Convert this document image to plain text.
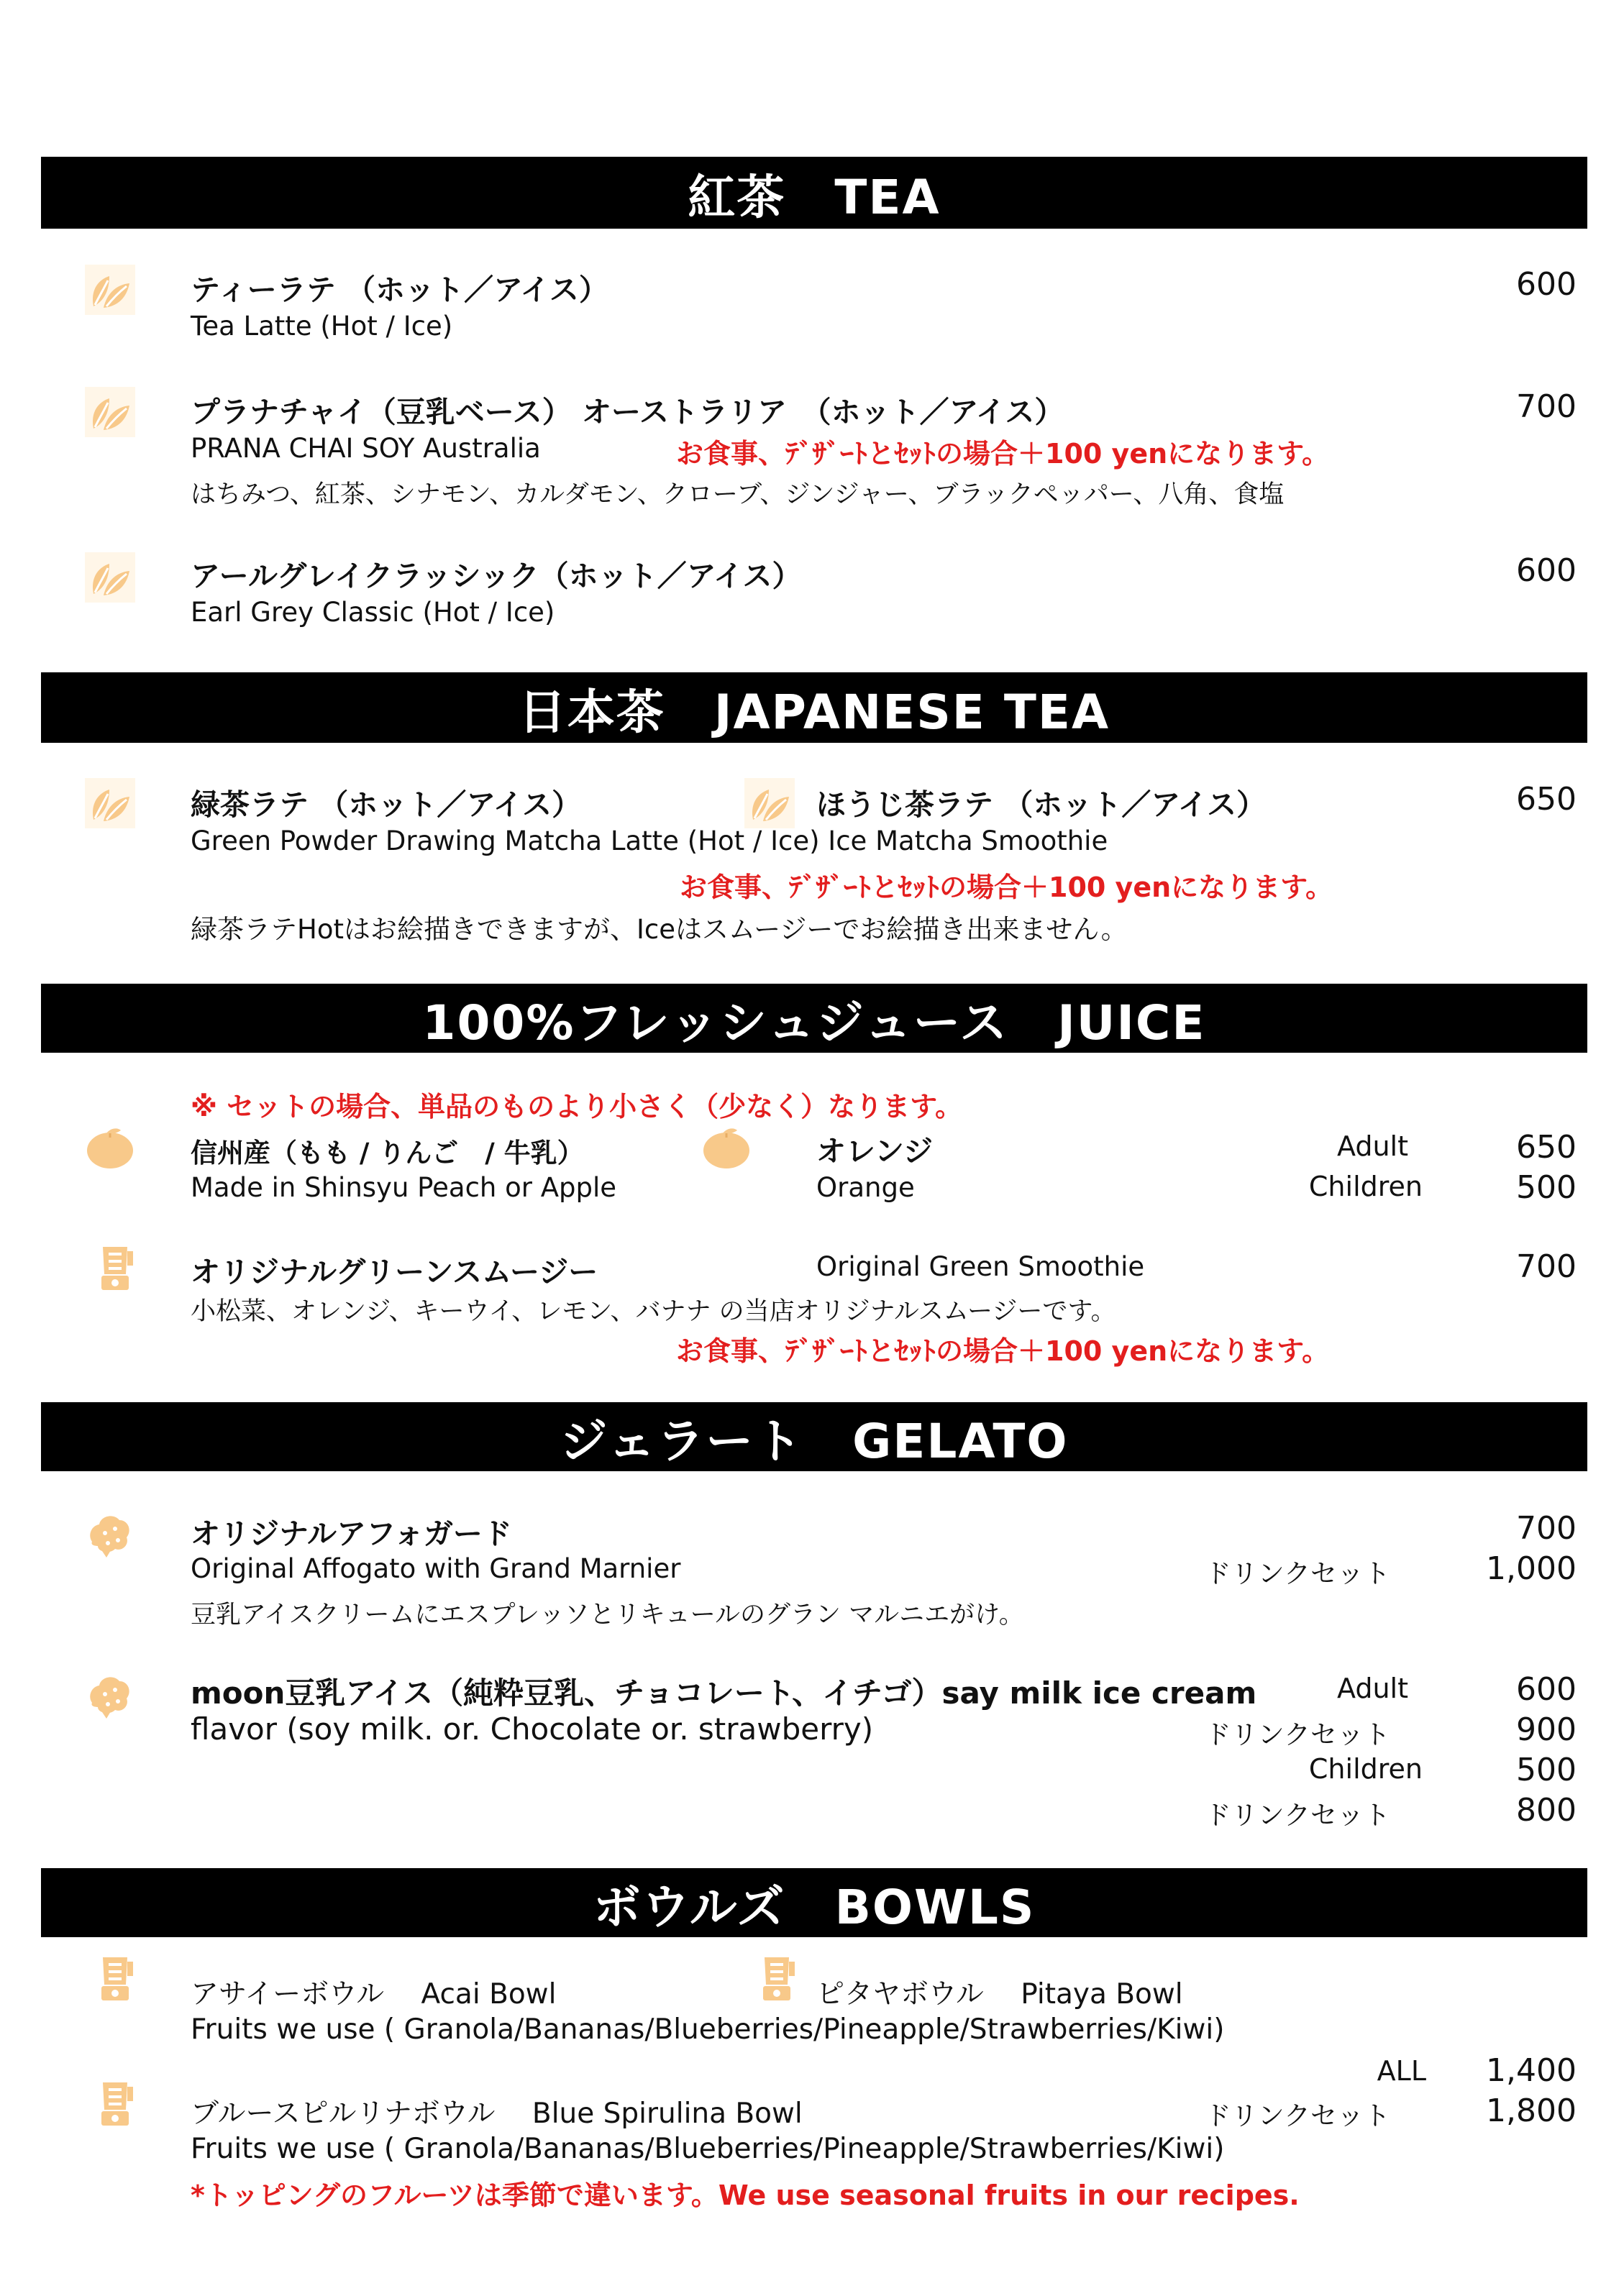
紅茶　TEA
ティーラテ （ホット／アイス）	600
Tea Latte (Hot / Ice)
プラナチャイ（豆乳ベース） オーストラリア　（ホット／アイス）	700
PRANA CHAI SOY Australia	お食事、ﾃﾞｻﾞｰﾄとｾｯﾄの場合＋100 yenになります。
はちみつ、紅茶、シナモン、カルダモン、クローブ、ジンジャー、ブラックペッパー、八角、食塩
アールグレイクラッシック（ホット／アイス）	600
Earl Grey Classic (Hot / Ice)
日本茶　JAPANESE TEA
緑茶ラテ （ホット／アイス）	ほうじ茶ラテ （ホット／アイス）	650
Green Powder Drawing Matcha Latte (Hot / Ice) Ice Matcha Smoothie
お食事、ﾃﾞｻﾞｰﾄとｾｯﾄの場合＋100 yenになります。
緑茶ラテHotはお絵描きできますが、Iceはスムージーでお絵描き出来ません。
100%フレッシュジュース　JUICE
※ セットの場合、単品のものより小さく（少なく）なります。
信州産（もも / りんご　/ 牛乳）
Made in Shinsyu Peach or Apple
オレンジ
Orange
Adult	650
Children	500
オリジナルグリーンスムージー	Original Green Smoothie	700
小松菜、オレンジ、キーウイ、レモン、バナナ の当店オリジナルスムージーです。
お食事、ﾃﾞｻﾞｰﾄとｾｯﾄの場合＋100 yenになります。
ジェラート　GELATO
オリジナルアフォガード	700
Original Affogato with Grand Marnier	ドリンクセット	1,000
豆乳アイスクリームにエスプレッソとリキュールのグラン マルニエがけ。
moon豆乳アイス（純粋豆乳、チョコレート、イチゴ）say milk ice cream
flavor (soy milk. or. Chocolate or. strawberry)
Adult	600
ドリンクセット	900
Children	500
ドリンクセット	800
ボウルズ　BOWLS
アサイーボウル　 Acai Bowl	ピタヤボウル　 Pitaya Bowl
Fruits we use ( Granola/Bananas/Blueberries/Pineapple/Strawberries/Kiwi)
ALL 1,400
ブルースピルリナボウル　 Blue Spirulina Bowl	ドリンクセット	1,800
Fruits we use ( Granola/Bananas/Blueberries/Pineapple/Strawberries/Kiwi)
*トッピングのフルーツは季節で違います。We use seasonal fruits in our recipes.
